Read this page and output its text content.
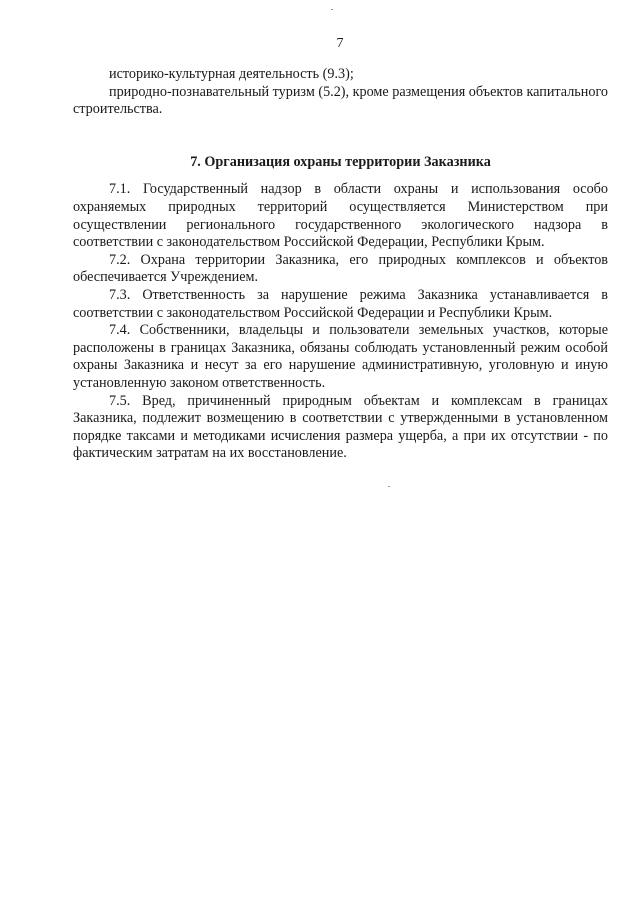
7

историко-культурная деятельность (9.3);

природно-познавательный туризм (5.2), кроме размещения объектов капитального строительства.

7. Организация охраны территории Заказника

7.1. Государственный надзор в области охраны и использования особо охраняемых природных территорий осуществляется Министерством при осуществлении регионального государственного экологического надзора в соответствии с законодательством Российской Федерации, Республики Крым.

7.2. Охрана территории Заказника, его природных комплексов и объектов обеспечивается Учреждением.

7.3. Ответственность за нарушение режима Заказника устанавливается в соответствии с законодательством Российской Федерации и Республики Крым.

7.4. Собственники, владельцы и пользователи земельных участков, которые расположены в границах Заказника, обязаны соблюдать установленный режим особой охраны Заказника и несут за его нарушение административную, уголовную и иную установленную законом ответственность.

7.5. Вред, причиненный природным объектам и комплексам в границах Заказника, подлежит возмещению в соответствии с утвержденными в установленном порядке таксами и методиками исчисления размера ущерба, а при их отсутствии - по фактическим затратам на их восстановление.
